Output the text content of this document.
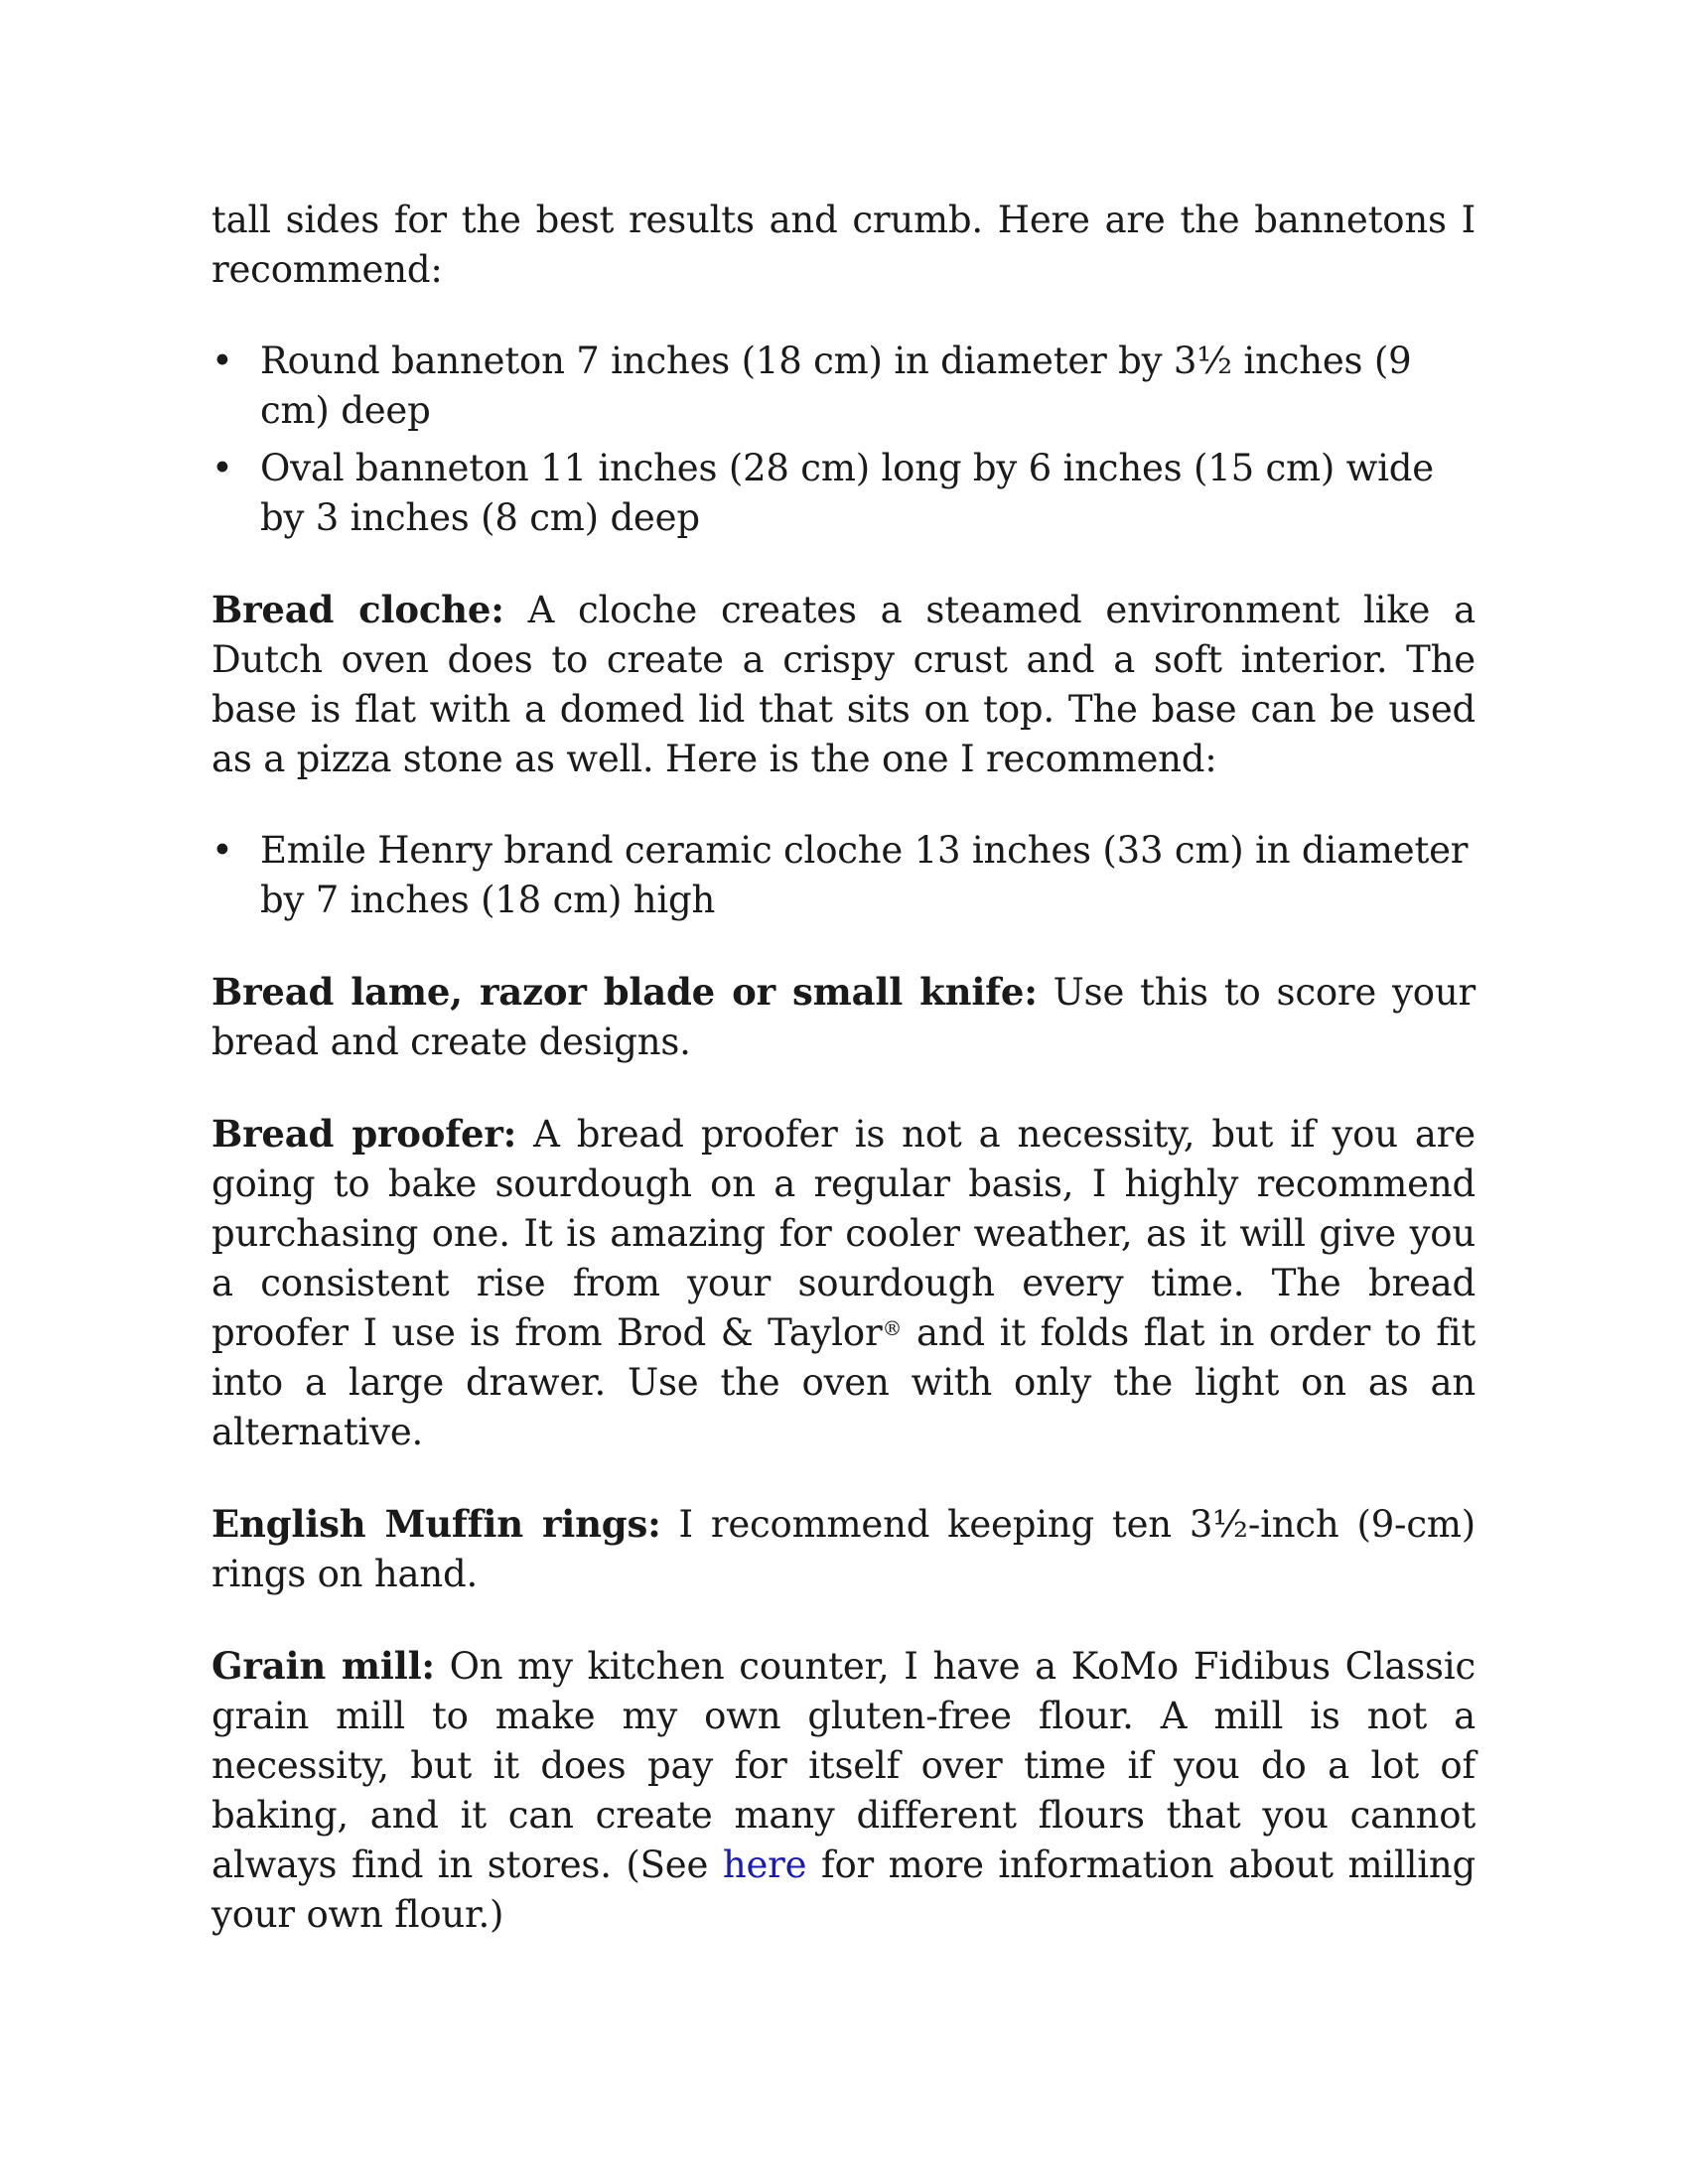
tall sides for the best results and crumb. Here are the bannetons I recommend:

• Round banneton 7 inches (18 cm) in diameter by 3½ inches (9 cm) deep
• Oval banneton 11 inches (28 cm) long by 6 inches (15 cm) wide by 3 inches (8 cm) deep

Bread cloche: A cloche creates a steamed environment like a Dutch oven does to create a crispy crust and a soft interior. The base is flat with a domed lid that sits on top. The base can be used as a pizza stone as well. Here is the one I recommend:

• Emile Henry brand ceramic cloche 13 inches (33 cm) in diameter by 7 inches (18 cm) high

Bread lame, razor blade or small knife: Use this to score your bread and create designs.

Bread proofer: A bread proofer is not a necessity, but if you are going to bake sourdough on a regular basis, I highly recommend purchasing one. It is amazing for cooler weather, as it will give you a consistent rise from your sourdough every time. The bread proofer I use is from Brod & Taylor® and it folds flat in order to fit into a large drawer. Use the oven with only the light on as an alternative.

English Muffin rings: I recommend keeping ten 3½-inch (9-cm) rings on hand.

Grain mill: On my kitchen counter, I have a KoMo Fidibus Classic grain mill to make my own gluten-free flour. A mill is not a necessity, but it does pay for itself over time if you do a lot of baking, and it can create many different flours that you cannot always find in stores. (See here for more information about milling your own flour.)
